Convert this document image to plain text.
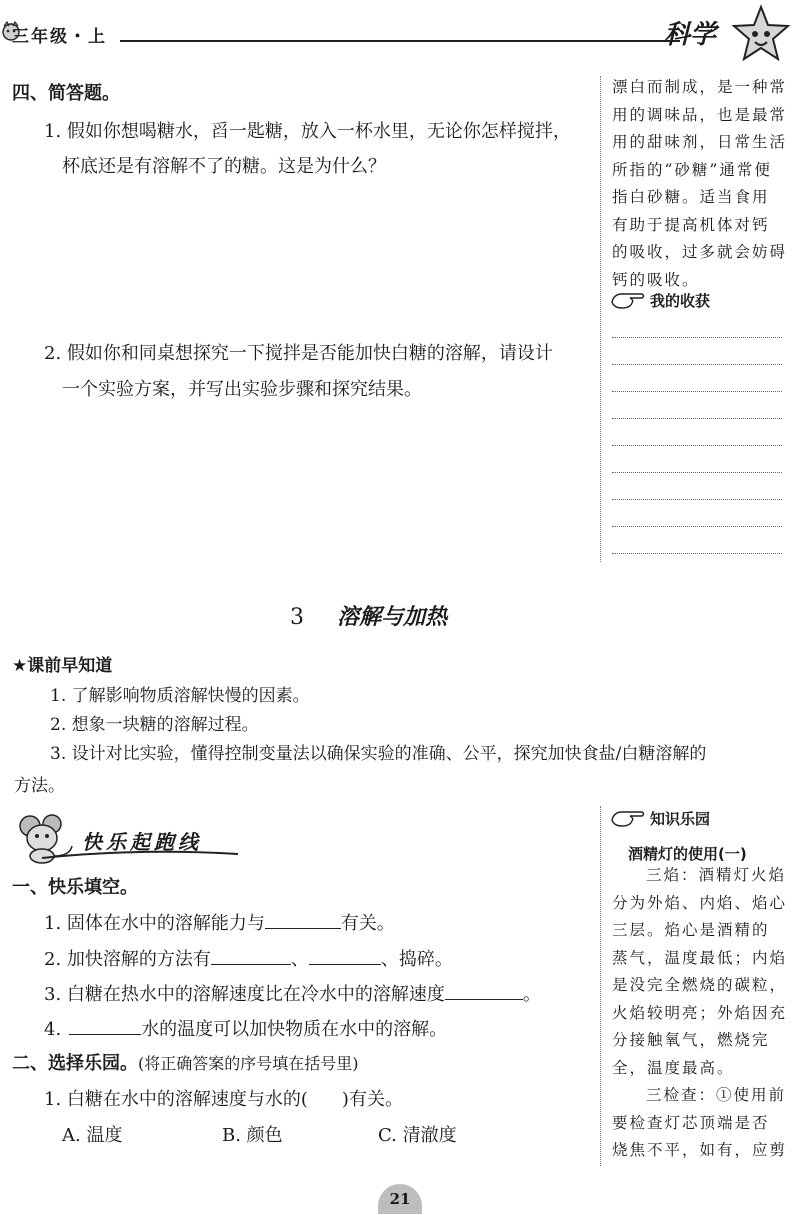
三年级・上	科学
漂白而制成，是一种常
用的调味品，也是最常
用的甜味剂，日常生活
所指的“砂糖”通常便
指白砂糖。适当食用
有助于提高机体对钙
的吸收，过多就会妨碍
钙的吸收。
我的收获
四、简答题。
1. 假如你想喝糖水，舀一匙糖，放入一杯水里，无论你怎样搅拌，
杯底还是有溶解不了的糖。这是为什么？
2. 假如你和同桌想探究一下搅拌是否能加快白糖的溶解，请设计
一个实验方案，并写出实验步骤和探究结果。
3 溶解与加热
★课前早知道
1. 了解影响物质溶解快慢的因素。
2. 想象一块糖的溶解过程。
3. 设计对比实验，懂得控制变量法以确保实验的准确、公平，探究加快食盐/白糖溶解的
方法。
快乐起跑线
一、快乐填空。
1. 固体在水中的溶解能力与	有关。
2. 加快溶解的方法有	、	、捣碎。
3. 白糖在热水中的溶解速度比在冷水中的溶解速度	。
4.	水的温度可以加快物质在水中的溶解。
二、选择乐园。(将正确答案的序号填在括号里)
1. 白糖在水中的溶解速度与水的( )有关。
A. 温度	B. 颜色	C. 清澈度
知识乐园
酒精灯的使用(一)
三焰：酒精灯火焰
分为外焰、内焰、焰心
三层。焰心是酒精的
蒸气，温度最低；内焰
是没完全燃烧的碳粒，
火焰较明亮；外焰因充
分接触氧气，燃烧完
全，温度最高。
三检查：①使用前
要检查灯芯顶端是否
烧焦不平，如有，应剪
21
